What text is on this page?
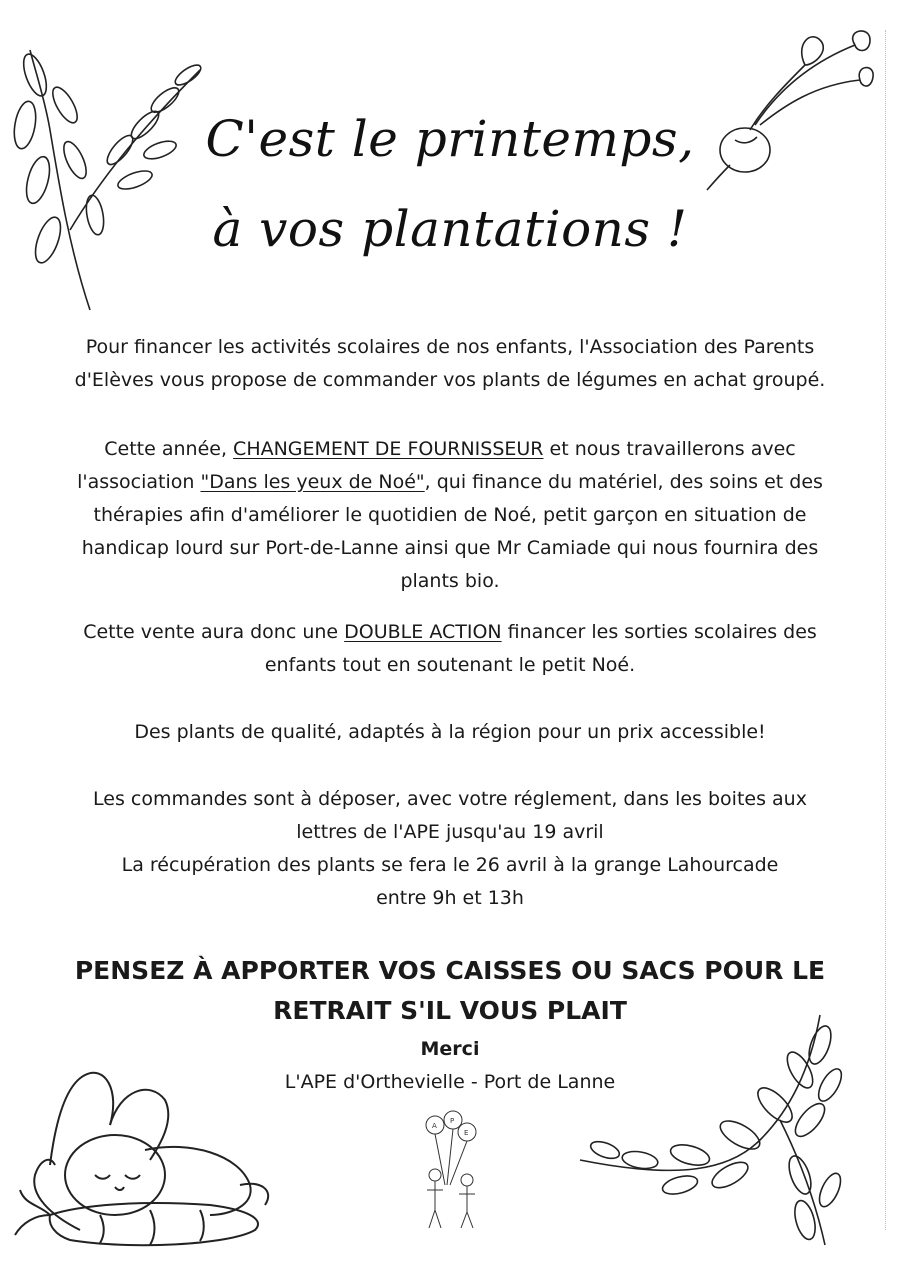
C'est le printemps,
à vos plantations !

Pour financer les activités scolaires de nos enfants, l'Association des Parents
d'Elèves vous propose de commander vos plants de légumes en achat groupé.

Cette année, CHANGEMENT DE FOURNISSEUR et nous travaillerons avec
l'association "Dans les yeux de Noé", qui finance du matériel, des soins et des
thérapies afin d'améliorer le quotidien de Noé, petit garçon en situation de
handicap lourd sur Port-de-Lanne ainsi que Mr Camiade qui nous fournira des
plants bio.

Cette vente aura donc une DOUBLE ACTION financer les sorties scolaires des
enfants tout en soutenant le petit Noé.

Des plants de qualité, adaptés à la région pour un prix accessible!

Les commandes sont à déposer, avec votre réglement, dans les boites aux
lettres de l'APE jusqu'au 19 avril
La récupération des plants se fera le 26 avril à la grange Lahourcade
entre 9h et 13h

PENSEZ À APPORTER VOS CAISSES OU SACS POUR LE
RETRAIT S'IL VOUS PLAIT

Merci

L'APE d'Orthevielle - Port de Lanne

A
P
E
